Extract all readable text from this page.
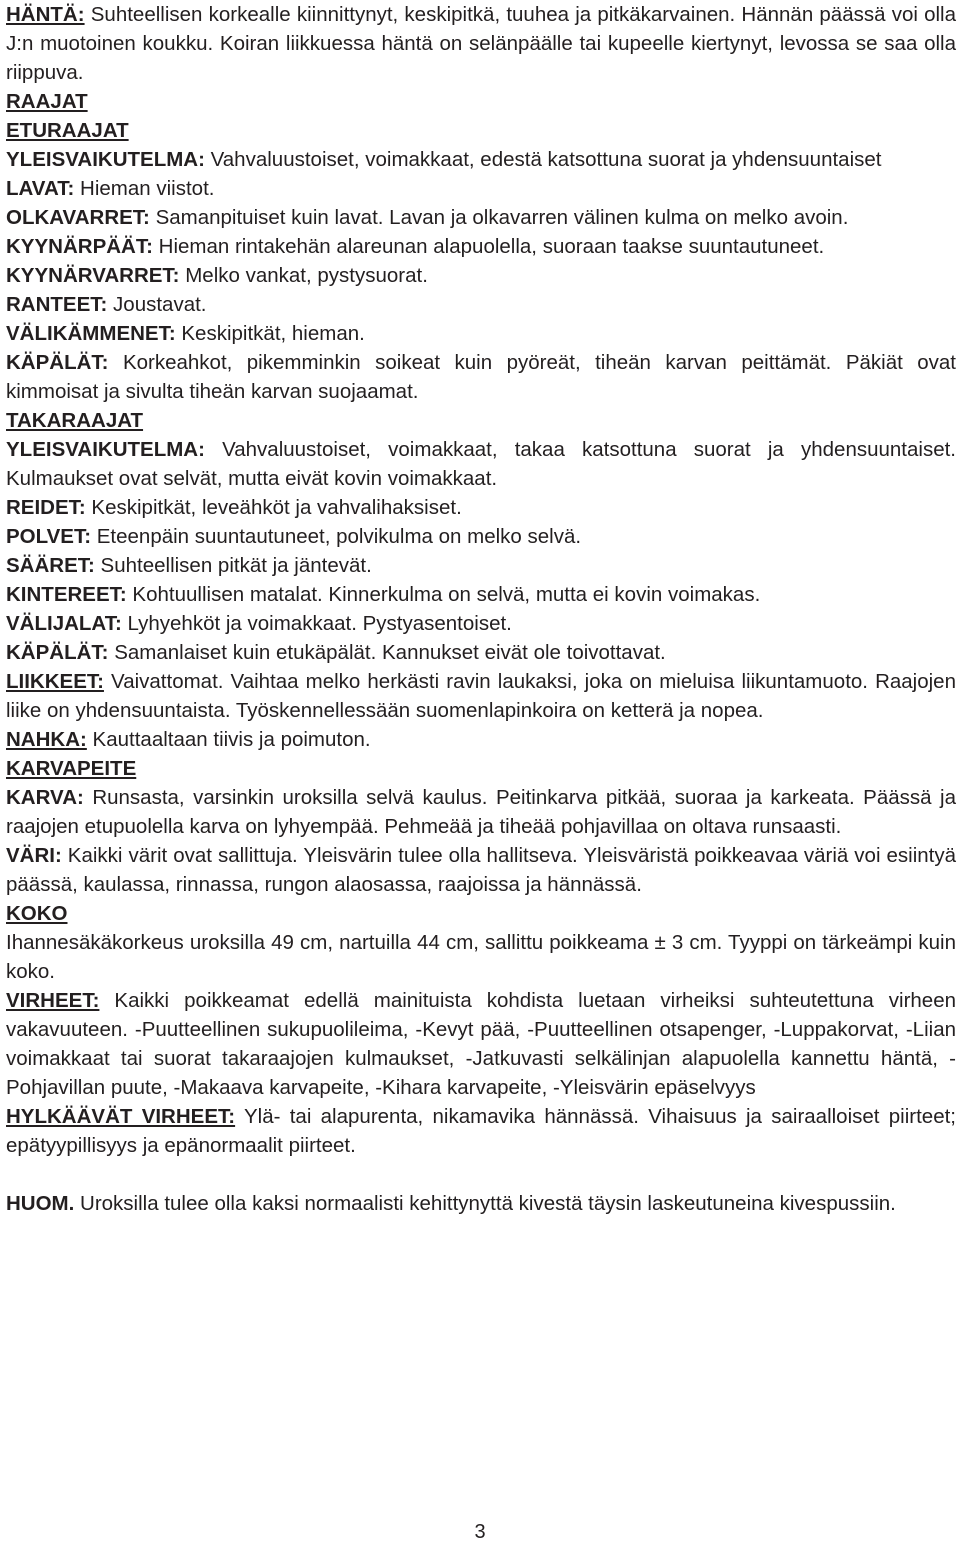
HÄNTÄ: Suhteellisen korkealle kiinnittynyt, keskipitkä, tuuhea ja pitkäkarvainen. Hännän päässä voi olla J:n muotoinen koukku. Koiran liikkuessa häntä on selänpäälle tai kupeelle kiertynyt, levossa se saa olla riippuva.

RAAJAT

ETURAAJAT

YLEISVAIKUTELMA: Vahvaluustoiset, voimakkaat, edestä katsottuna suorat ja yhdensuuntaiset

LAVAT: Hieman viistot.

OLKAVARRET: Samanpituiset kuin lavat. Lavan ja olkavarren välinen kulma on melko avoin.

KYYNÄRPÄÄT: Hieman rintakehän alareunan alapuolella, suoraan taakse suuntautuneet.

KYYNÄRVARRET: Melko vankat, pystysuorat.

RANTEET: Joustavat.

VÄLIKÄMMENET: Keskipitkät, hieman.

KÄPÄLÄT: Korkeahkot, pikemminkin soikeat kuin pyöreät, tiheän karvan peittämät. Päkiät ovat kimmoisat ja sivulta tiheän karvan suojaamat.

TAKARAAJAT

YLEISVAIKUTELMA: Vahvaluustoiset, voimakkaat, takaa katsottuna suorat ja yhdensuuntaiset. Kulmaukset ovat selvät, mutta eivät kovin voimakkaat.

REIDET: Keskipitkät, leveähköt ja vahvalihaksiset.

POLVET: Eteenpäin suuntautuneet, polvikulma on melko selvä.

SÄÄRET: Suhteellisen pitkät ja jäntevät.

KINTEREET: Kohtuullisen matalat. Kinnerkulma on selvä, mutta ei kovin voimakas.

VÄLIJALAT: Lyhyehköt ja voimakkaat. Pystyasentoiset.

KÄPÄLÄT: Samanlaiset kuin etukäpälät. Kannukset eivät ole toivottavat.

LIIKKEET: Vaivattomat. Vaihtaa melko herkästi ravin laukaksi, joka on mieluisa liikuntamuoto. Raajojen liike on yhdensuuntaista. Työskennellessään suomenlapinkoira on ketterä ja nopea.

NAHKA: Kauttaaltaan tiivis ja poimuton.

KARVAPEITE

KARVA: Runsasta, varsinkin uroksilla selvä kaulus. Peitinkarva pitkää, suoraa ja karkeata. Päässä ja raajojen etupuolella karva on lyhyempää. Pehmeää ja tiheää pohjavillaa on oltava runsaasti.

VÄRI: Kaikki värit ovat sallittuja. Yleisvärin tulee olla hallitseva. Yleisväristä poikkeavaa väriä voi esiintyä päässä, kaulassa, rinnassa, rungon alaosassa, raajoissa ja hännässä.

KOKO

Ihannesäkäkorkeus uroksilla 49 cm, nartuilla 44 cm, sallittu poikkeama ± 3 cm. Tyyppi on tärkeämpi kuin koko.

VIRHEET: Kaikki poikkeamat edellä mainituista kohdista luetaan virheiksi suhteutettuna virheen vakavuuteen. -Puutteellinen sukupuolileima, -Kevyt pää, -Puutteellinen otsapenger, -Luppakorvat, -Liian voimakkaat tai suorat takaraajojen kulmaukset, -Jatkuvasti selkälinjan alapuolella kannettu häntä, -Pohjavillan puute, -Makaava karvapeite, -Kihara karvapeite, -Yleisvärin epäselvyys

HYLKÄÄVÄT VIRHEET: Ylä- tai alapurenta, nikamavika hännässä. Vihaisuus ja sairaalloiset piirteet; epätyypillisyys ja epänormaalit piirteet.

HUOM. Uroksilla tulee olla kaksi normaalisti kehittynyttä kivestä täysin laskeutuneina kivespussiin.

3
